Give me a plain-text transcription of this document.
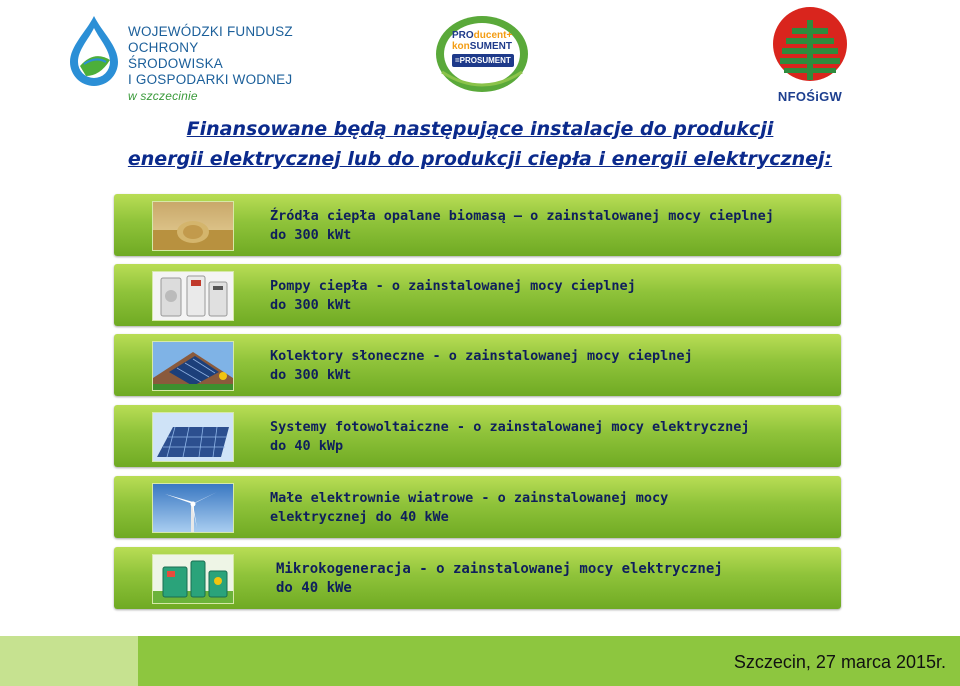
WOJEWÓDZKI FUNDUSZ
OCHRONY ŚRODOWISKA
I GOSPODARKI WODNEJ
w szczecinie
PROducent+
konSUMENT
=PROSUMENT
NFOŚiGW
Finansowane będą następujące instalacje do produkcji
energii elektrycznej lub do produkcji ciepła i energii elektrycznej:
Źródła ciepła opalane biomasą – o zainstalowanej mocy cieplnej
do 300 kWt
Pompy ciepła - o zainstalowanej mocy cieplnej
do 300 kWt
Kolektory słoneczne - o zainstalowanej mocy cieplnej
do 300 kWt
Systemy fotowoltaiczne - o zainstalowanej mocy elektrycznej
do 40 kWp
Małe elektrownie wiatrowe - o zainstalowanej mocy
elektrycznej do 40 kWe
Mikrokogeneracja - o zainstalowanej mocy elektrycznej
do 40 kWe
Szczecin, 27 marca 2015r.
